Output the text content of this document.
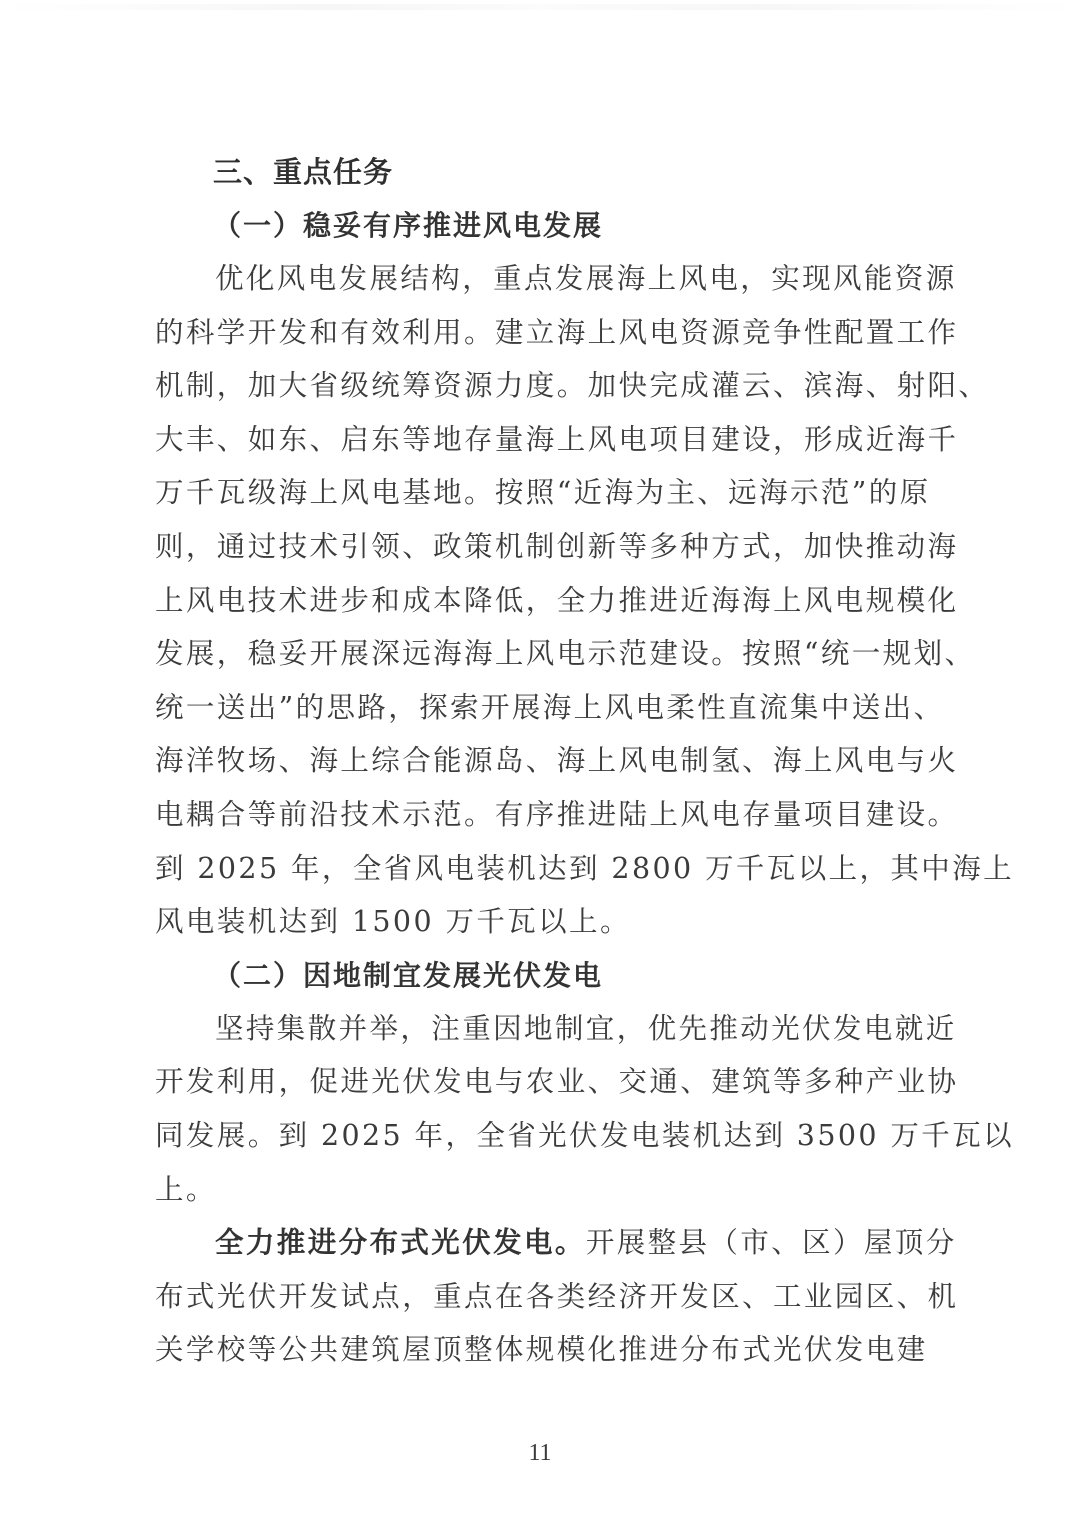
三、重点任务
（一）稳妥有序推进风电发展

优化风电发展结构，重点发展海上风电，实现风能资源
的科学开发和有效利用。建立海上风电资源竞争性配置工作
机制，加大省级统筹资源力度。加快完成灌云、滨海、射阳、
大丰、如东、启东等地存量海上风电项目建设，形成近海千
万千瓦级海上风电基地。按照“近海为主、远海示范”的原
则，通过技术引领、政策机制创新等多种方式，加快推动海
上风电技术进步和成本降低，全力推进近海海上风电规模化
发展，稳妥开展深远海海上风电示范建设。按照“统一规划、
统一送出”的思路，探索开展海上风电柔性直流集中送出、
海洋牧场、海上综合能源岛、海上风电制氢、海上风电与火
电耦合等前沿技术示范。有序推进陆上风电存量项目建设。
到 2025 年，全省风电装机达到 2800 万千瓦以上，其中海上
风电装机达到 1500 万千瓦以上。

（二）因地制宜发展光伏发电

坚持集散并举，注重因地制宜，优先推动光伏发电就近
开发利用，促进光伏发电与农业、交通、建筑等多种产业协
同发展。到 2025 年，全省光伏发电装机达到 3500 万千瓦以
上。

全力推进分布式光伏发电。开展整县（市、区）屋顶分
布式光伏开发试点，重点在各类经济开发区、工业园区、机
关学校等公共建筑屋顶整体规模化推进分布式光伏发电建

11
